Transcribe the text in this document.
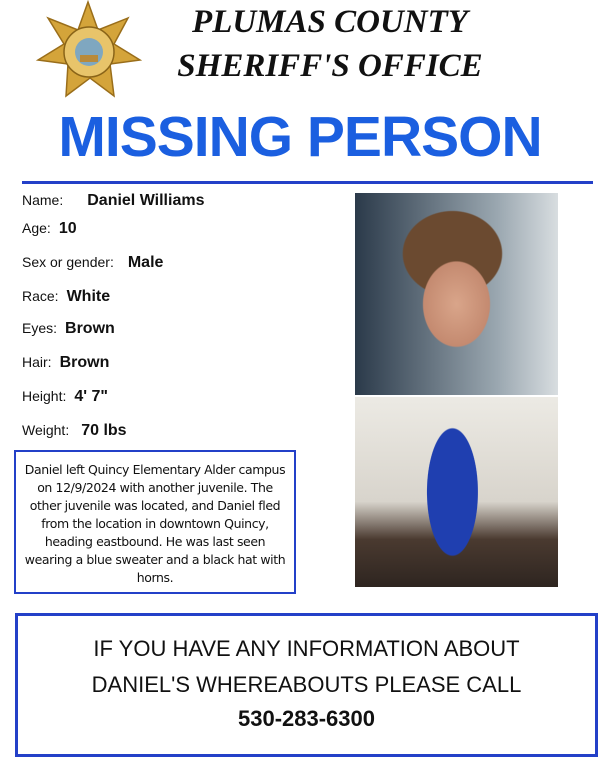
PLUMAS COUNTY
SHERIFF'S OFFICE
MISSING PERSON
Name: Daniel Williams
Age: 10
Sex or gender: Male
Race: White
Eyes: Brown
Hair: Brown
Height: 4' 7"
Weight: 70 lbs
Daniel left Quincy Elementary Alder campus on 12/9/2024 with another juvenile. The other juvenile was located, and Daniel fled from the location in downtown Quincy, heading eastbound. He was last seen wearing a blue sweater and a black hat with horns.
IF YOU HAVE ANY INFORMATION ABOUT
DANIEL'S WHEREABOUTS PLEASE CALL
530-283-6300
